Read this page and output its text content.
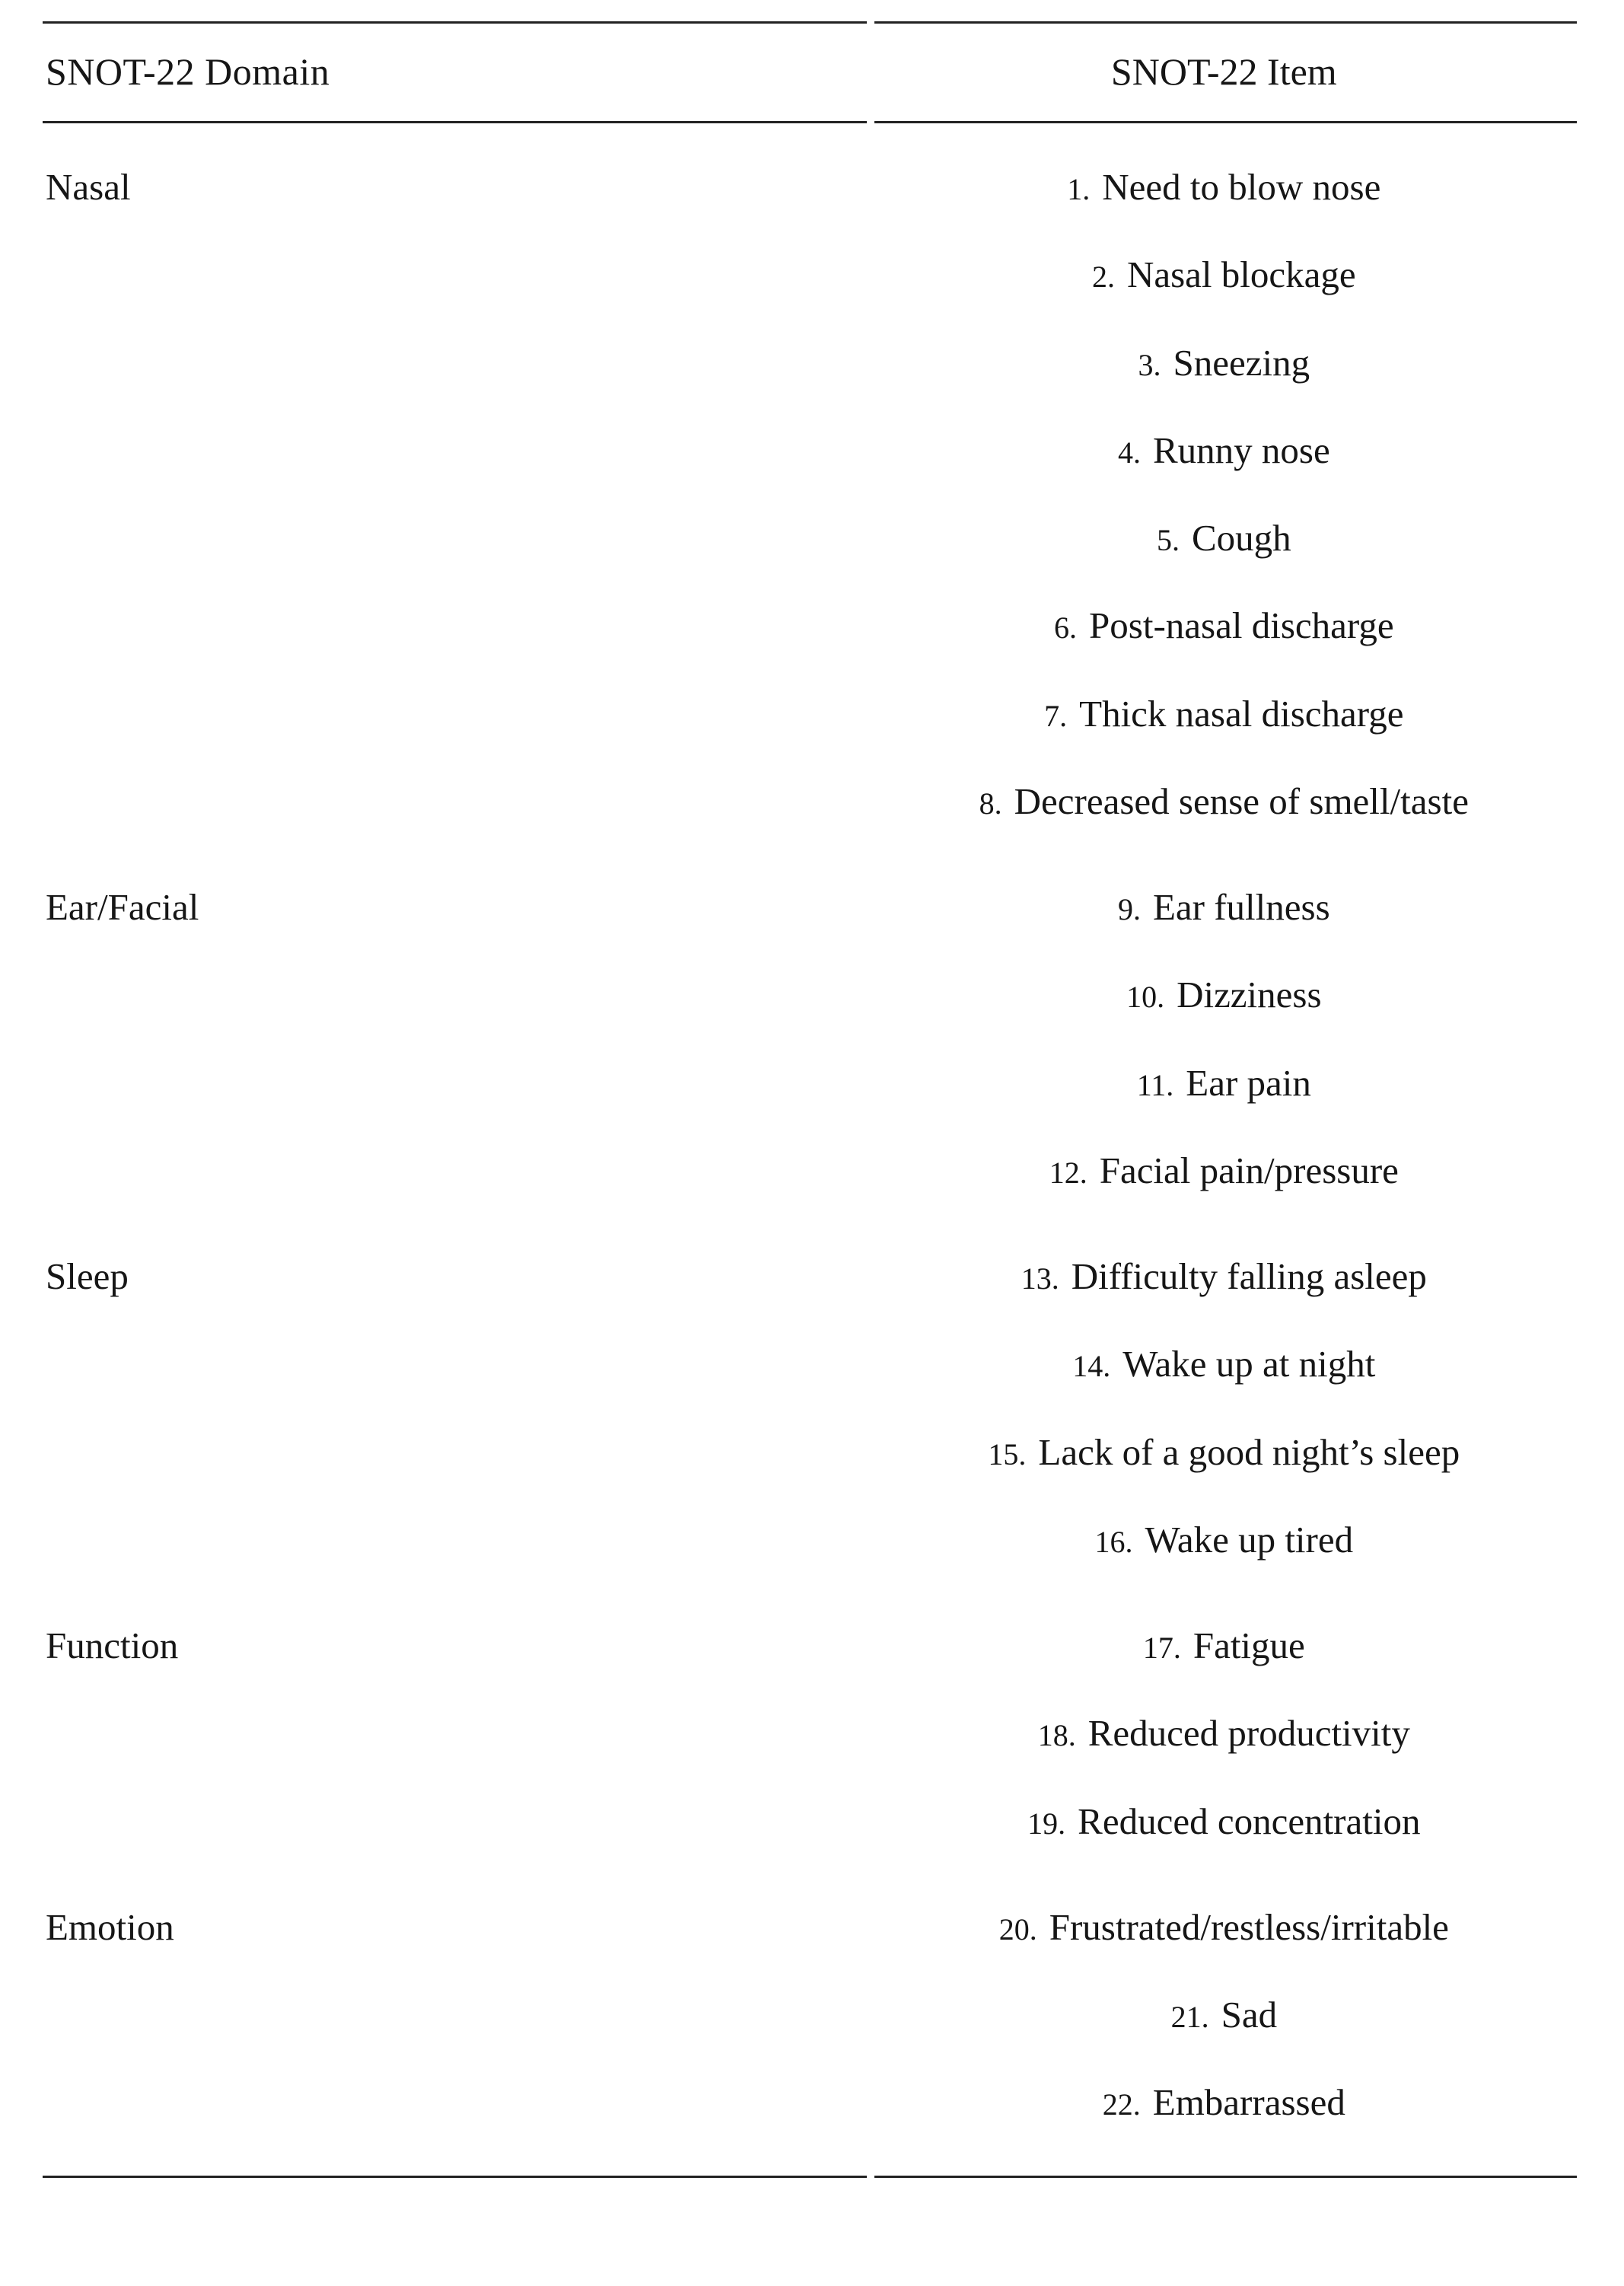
SNOT-22 Domain	SNOT-22 Item
Nasal	1. Need to blow nose
2. Nasal blockage
3. Sneezing
4. Runny nose
5. Cough
6. Post-nasal discharge
7. Thick nasal discharge
8. Decreased sense of smell/taste
Ear/Facial	9. Ear fullness
10. Dizziness
11. Ear pain
12. Facial pain/pressure
Sleep	13. Difficulty falling asleep
14. Wake up at night
15. Lack of a good night’s sleep
16. Wake up tired
Function	17. Fatigue
18. Reduced productivity
19. Reduced concentration
Emotion	20. Frustrated/restless/irritable
21. Sad
22. Embarrassed
